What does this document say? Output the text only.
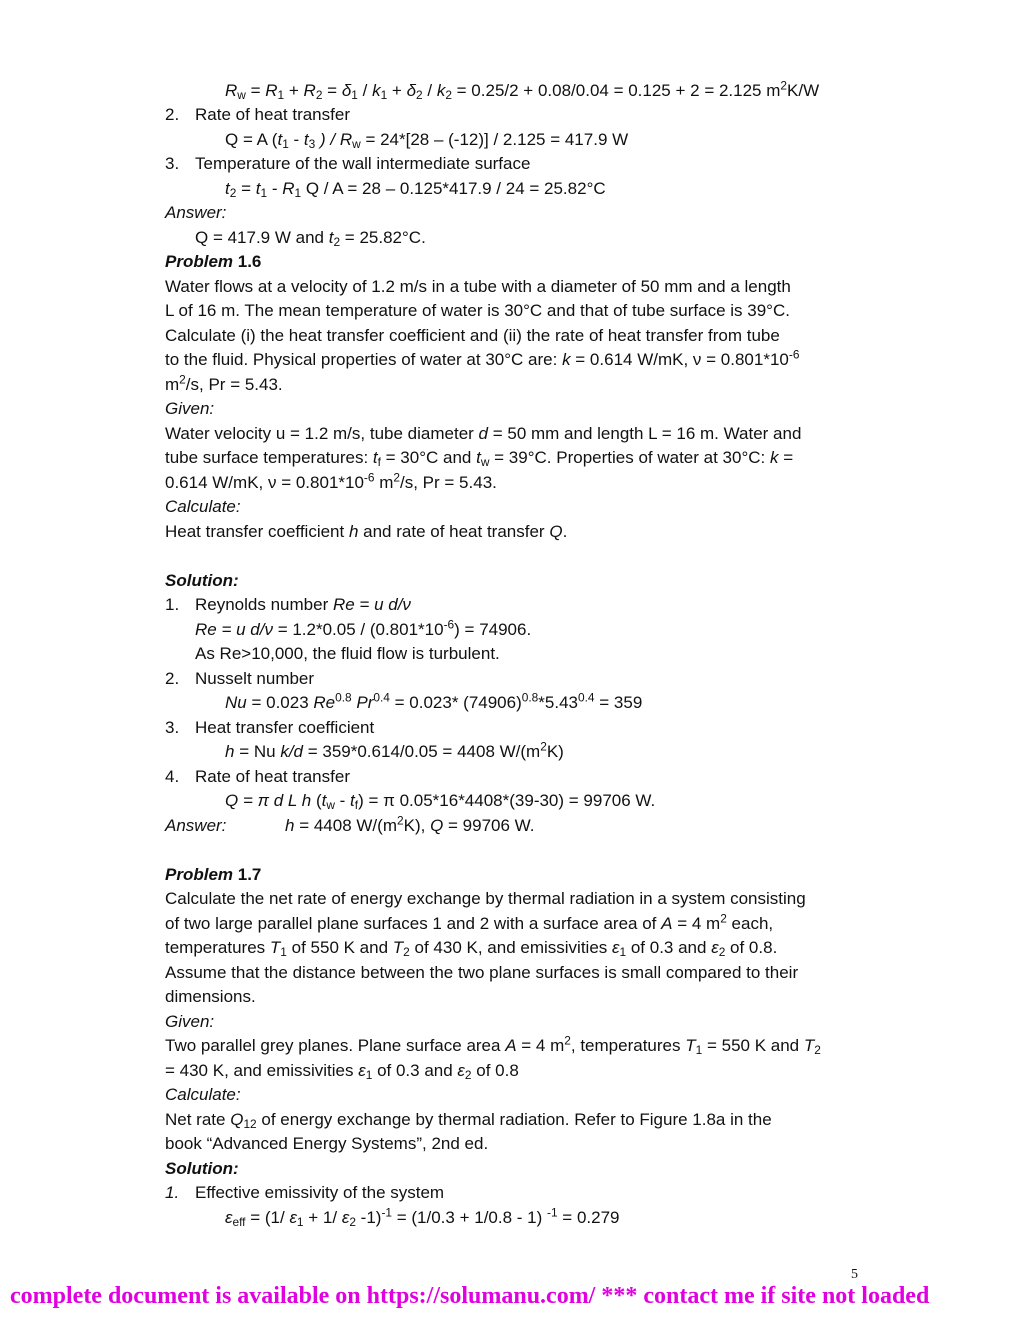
$R_w = R_1 + R_2 = \delta_1 / k_1 + \delta_2 / k_2 = 0.25/2 + 0.08/0.04 = 0.125 + 2 = 2.125$ $m^2K/W$
2. Rate of heat transfer
Q = A ($t_1 - t_3$ ) / $R_w = 24*[28 - (-12)] / 2.125 = 417.9$ W
3. Temperature of the wall intermediate surface
$t_2 = t_1 - R_1$ Q / A = 28 – 0.125*417.9 / 24 = 25.82°C
Answer:
Q = 417.9 W and $t_2 = 25.82^\circ C$.
Problem 1.6
Water flows at a velocity of 1.2 m/s in a tube with a diameter of 50 mm and a length
L of 16 m. The mean temperature of water is 30°C and that of tube surface is 39°C.
Calculate (i) the heat transfer coefficient and (ii) the rate of heat transfer from tube
to the fluid. Physical properties of water at 30°C are: k = 0.614 W/mK, $\nu = 0.801*10^{-6}$
$m^2/s$, Pr = 5.43.
Given:
Water velocity u = 1.2 m/s, tube diameter d = 50 mm and length L = 16 m. Water and
tube surface temperatures: $t_f = 30^\circ C$ and $t_w = 39^\circ C$. Properties of water at 30°C: k =
0.614 W/mK, $\nu = 0.801*10^{-6}$ $m^2/s$, Pr = 5.43.
Calculate:
Heat transfer coefficient h and rate of heat transfer Q.
Solution:
1. Reynolds number Re = u d/ν
Re = u $d/\nu = 1.2*0.05 / (0.801*10^{-6}) = 74906$.
As Re>10,000, the fluid flow is turbulent.
2. Nusselt number
Nu = 0.023 $Re^{0.8}$ $Pr^{0.4} = 0.023*$ $(74906)^{0.8}*5.43^{0.4} = 359$
3. Heat transfer coefficient
h = Nu k/d = 359*0.614/0.05 = 4408 $W/(m^2K)$
4. Rate of heat transfer
Q = π d L h $(t_w - t_f) = \pi$ 0.05*16*4408*(39-30) = 99706 W.
Answer:	h = 4408 $W/(m^2K)$, Q = 99706 W.
Problem 1.7
Calculate the net rate of energy exchange by thermal radiation in a system consisting
of two large parallel plane surfaces 1 and 2 with a surface area of A = 4 $m^2$ each,
temperatures $T_1$ of 550 K and $T_2$ of 430 K, and emissivities $\varepsilon_1$ of 0.3 and $\varepsilon_2$ of 0.8.
Assume that the distance between the two plane surfaces is small compared to their
dimensions.
Given:
Two parallel grey planes. Plane surface area A = 4 $m^2$, temperatures $T_1 = 550$ K and $T_2$
= 430 K, and emissivities $\varepsilon_1$ of 0.3 and $\varepsilon_2$ of 0.8
Calculate:
Net rate $Q_{12}$ of energy exchange by thermal radiation. Refer to Figure 1.8a in the
book “Advanced Energy Systems”, 2nd ed.
Solution:
1. Effective emissivity of the system
$\varepsilon_{eff} = (1/$ $\varepsilon_1 + 1/$ $\varepsilon_2$ -1)$^{-1}$ = (1/0.3 + 1/0.8 - 1) $^{-1}$ = 0.279
5
complete document is available on https://solumanu.com/ *** contact me if site not loaded
